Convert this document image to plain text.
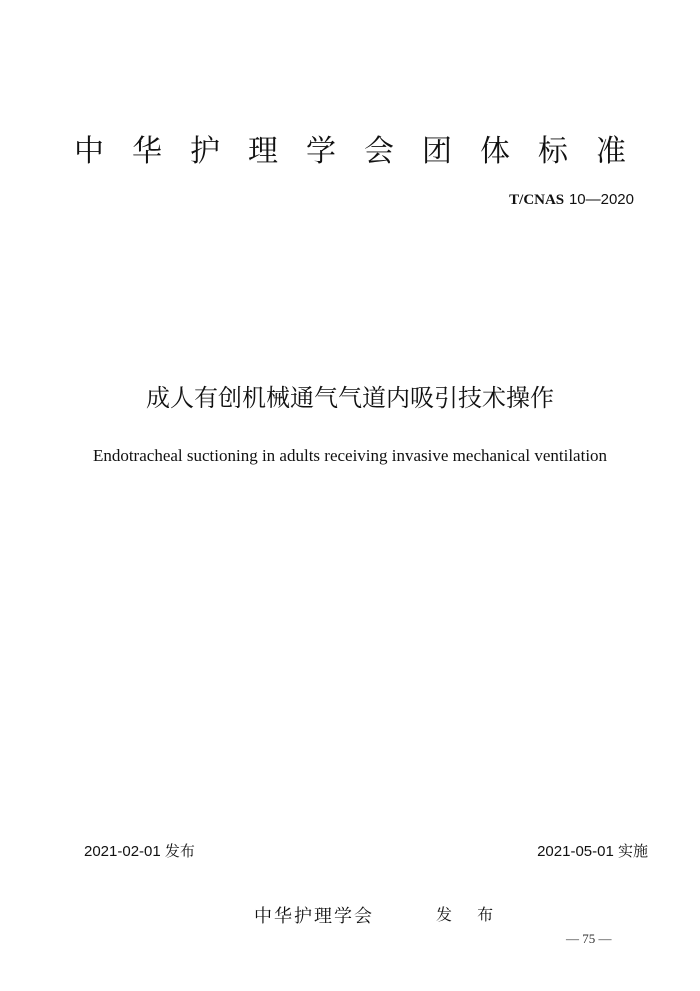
中华护理学会团体标准
T/CNAS 10—2020
成人有创机械通气气道内吸引技术操作
Endotracheal suctioning in adults receiving invasive mechanical ventilation
2021-02-01 发布	2021-05-01 实施
中华护理学会	发 布
— 75 —
